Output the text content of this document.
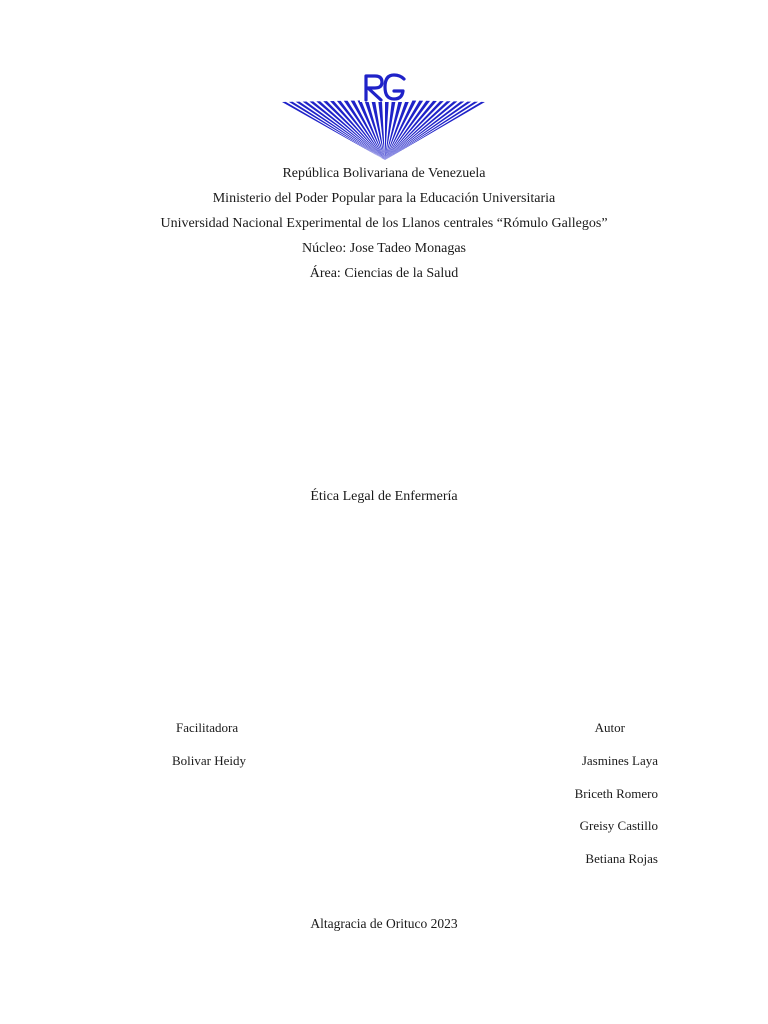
República Bolivariana de Venezuela
Ministerio del Poder Popular para la Educación Universitaria
Universidad Nacional Experimental de los Llanos centrales “Rómulo Gallegos”
Núcleo: Jose Tadeo Monagas
Área: Ciencias de la Salud
Ética Legal de Enfermería
Facilitadora
Bolivar Heidy
Autor
Jasmines Laya
Briceth Romero
Greisy Castillo
Betiana Rojas
Altagracia de Orituco 2023
